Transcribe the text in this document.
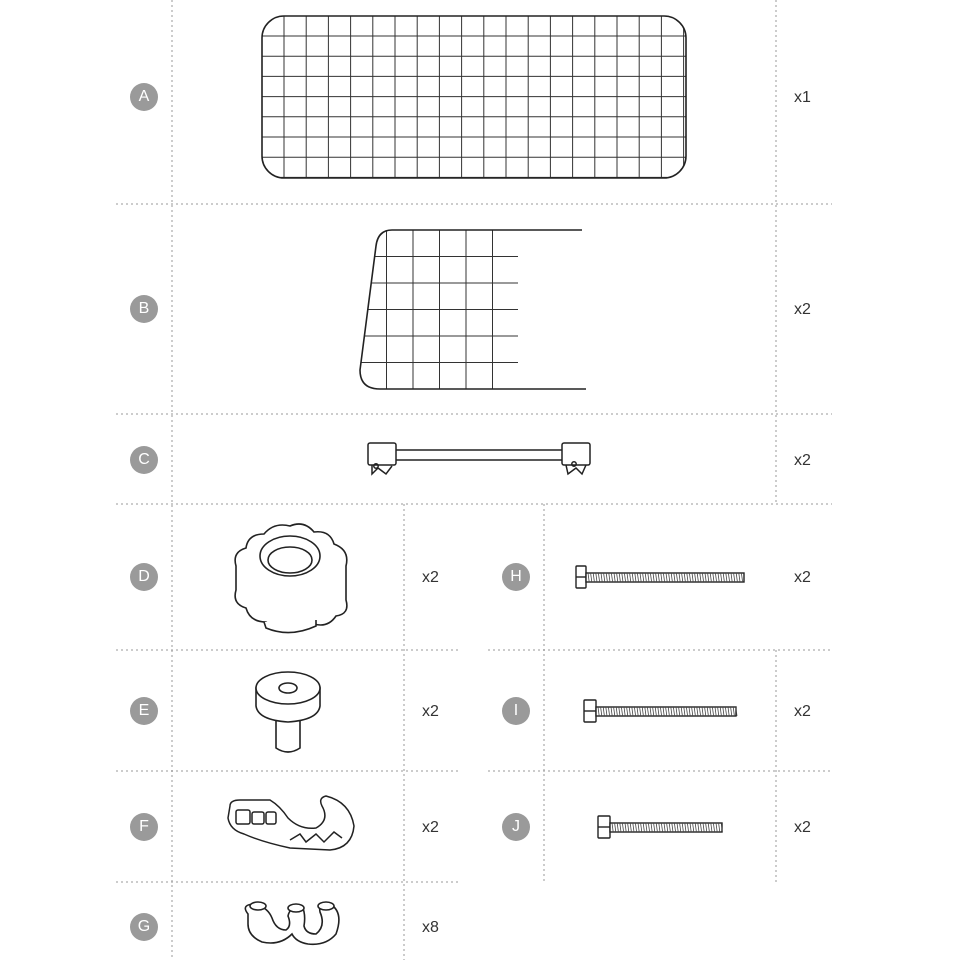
A	x1
B	x2
C	x2
D	x2
E	x2
F	x2
G	x8
H	x2
I	x2
J	x2
